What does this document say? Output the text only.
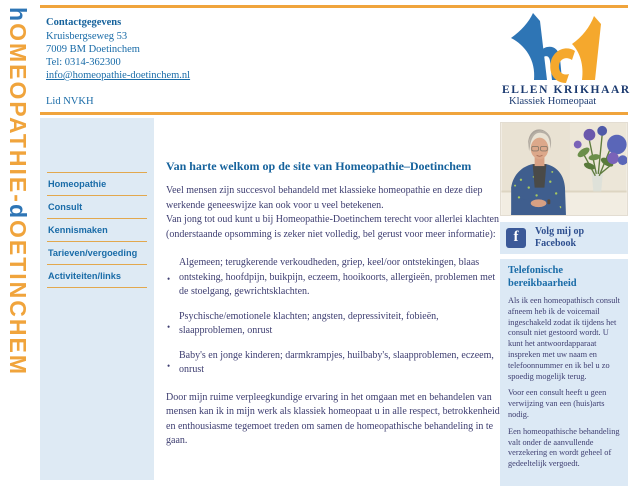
hOMEOPATHIE-dOETINCHEM
Contactgegevens
Kruisbergseweg 53
7009 BM Doetinchem
Tel: 0314-362300
info@homeopathie-doetinchem.nl
Lid NVKH
ELLEN KRIKHAAR
Klassiek Homeopaat
Homeopathie
Consult
Kennismaken
Tarieven/vergoeding
Activiteiten/links
Van harte welkom op de site van Homeopathie–Doetinchem
Veel mensen zijn succesvol behandeld met klassieke homeopathie en deze diep werkende geneeswijze kan ook voor u veel betekenen.
Van jong tot oud kunt u bij Homeopathie-Doetinchem terecht voor allerlei klachten (onderstaande opsomming is zeker niet volledig, bel gerust voor meer informatie):
• Algemeen; terugkerende verkoudheden, griep, keel/oor ontstekingen, blaas ontsteking, hoofdpijn, buikpijn, eczeem, hooikoorts, allergieën, problemen met de stoelgang, gewrichtsklachten.
• Psychische/emotionele klachten; angsten, depressiviteit, fobieën, slaapproblemen, onrust
• Baby's en jonge kinderen; darmkrampjes, huilbaby's, slaapproblemen, eczeem, onrust
Door mijn ruime verpleegkundige ervaring in het omgaan met en behandelen van mensen kan ik in mijn werk als klassiek homeopaat u in alle respect, betrokkenheid en enthousiasme tegemoet treden om samen de homeopathische behandeling in te gaan.
f	Volg mij op Facebook
Telefonische bereikbaarheid

Als ik een homeopathisch consult afneem heb ik de voicemail ingeschakeld zodat ik tijdens het consult niet gestoord wordt. U kunt het antwoordapparaat inspreken met uw naam en telefoonnummer en ik bel u zo spoedig mogelijk terug.

Voor een consult heeft u geen verwijzing van een (huis)arts nodig.

Een homeopathische behandeling valt onder de aanvullende verzekering en wordt geheel of gedeeltelijk vergoedt.
